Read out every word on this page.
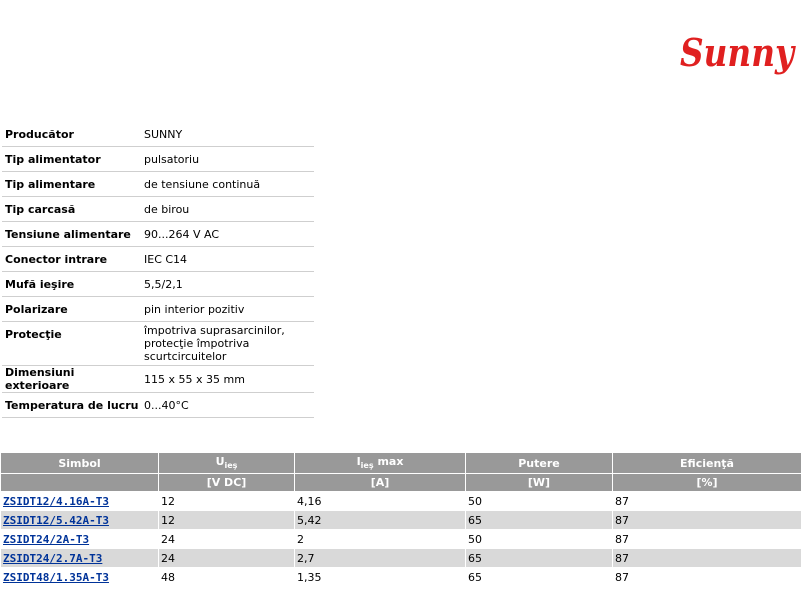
Sunny
Producător	SUNNY

Tip alimentator	pulsatoriu

Tip alimentare	de tensiune continuă

Tip carcasă	de birou

Tensiune alimentare	90...264 V AC

Conector intrare	IEC C14

Mufă ieşire	5,5/2,1

Polarizare	pin interior pozitiv

Protecţie	împotriva suprasarcinilor,
protecţie împotriva scurtcircuitelor

Dimensiuni exterioare	115 x 55 x 35 mm

Temperatura de lucru	0...40°C
Simbol	$U_{ieş}$	$I_{ieş}$ max	Putere	Eficienţă
	[V DC]	[A]	[W]	[%]
ZSIDT12/4.16A-T3	12	4,16	50	87
ZSIDT12/5.42A-T3	12	5,42	65	87
ZSIDT24/2A-T3	24	2	50	87
ZSIDT24/2.7A-T3	24	2,7	65	87
ZSIDT48/1.35A-T3	48	1,35	65	87
